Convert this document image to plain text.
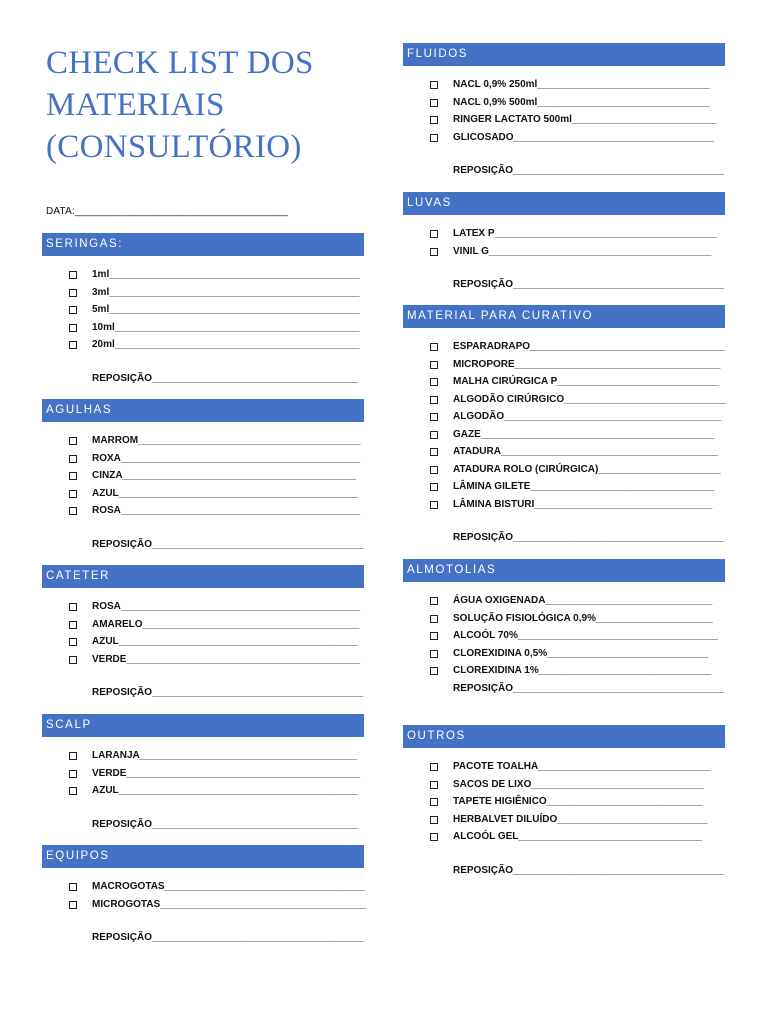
CHECK LIST DOS
MATERIAIS
(CONSULTÓRIO)
DATA:_____________________________________
SERINGAS:
1ml_____________________________________________
3ml_____________________________________________
5ml_____________________________________________
10ml____________________________________________
20ml____________________________________________
REPOSIÇÃO_____________________________________
AGULHAS
MARROM________________________________________
ROXA___________________________________________
CINZA__________________________________________
AZUL___________________________________________
ROSA___________________________________________
REPOSIÇÃO______________________________________
CATETER
ROSA___________________________________________
AMARELO_______________________________________
AZUL___________________________________________
VERDE__________________________________________
REPOSIÇÃO______________________________________
SCALP
LARANJA_______________________________________
VERDE__________________________________________
AZUL___________________________________________
REPOSIÇÃO_____________________________________
EQUIPOS
MACROGOTAS____________________________________
MICROGOTAS_____________________________________
REPOSIÇÃO______________________________________
FLUIDOS
NACL 0,9% 250ml_______________________________
NACL 0,9% 500ml_______________________________
RINGER LACTATO 500ml__________________________
GLICOSADO____________________________________
REPOSIÇÃO______________________________________
LUVAS
LATEX P________________________________________
VINIL G________________________________________
REPOSIÇÃO______________________________________
MATERIAL PARA CURATIVO
ESPARADRAPO___________________________________
MICROPORE_____________________________________
MALHA CIRÚRGICA P_____________________________
ALGODÃO CIRÚRGICO_____________________________
ALGODÃO_______________________________________
GAZE__________________________________________
ATADURA_______________________________________
ATADURA ROLO (CIRÚRGICA)______________________
LÂMINA GILETE_________________________________
LÂMINA BISTURI________________________________
REPOSIÇÃO______________________________________
ALMOTOLIAS
ÁGUA OXIGENADA______________________________
SOLUÇÃO FISIOLÓGICA 0,9%_____________________
ALCOÓL 70%____________________________________
CLOREXIDINA 0,5%_____________________________
CLOREXIDINA 1%_______________________________
REPOSIÇÃO______________________________________
OUTROS
PACOTE TOALHA_______________________________
SACOS DE LIXO_______________________________
TAPETE HIGIÊNICO____________________________
HERBALVET DILUÍDO___________________________
ALCOÓL GEL_________________________________
REPOSIÇÃO______________________________________
